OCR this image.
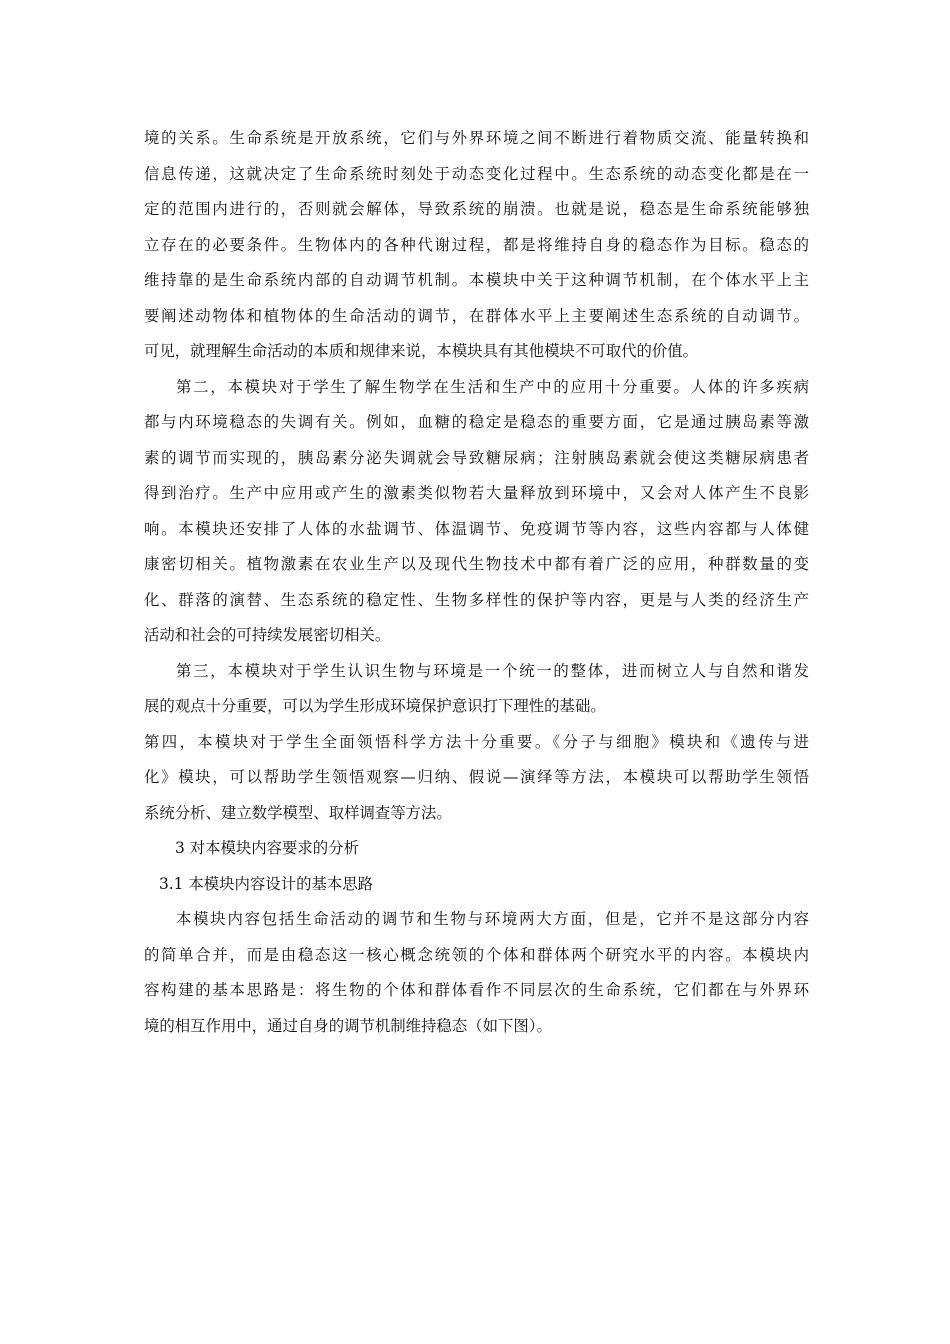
境的关系。生命系统是开放系统，它们与外界环境之间不断进行着物质交流、能量转换和
信息传递，这就决定了生命系统时刻处于动态变化过程中。生态系统的动态变化都是在一
定的范围内进行的，否则就会解体，导致系统的崩溃。也就是说，稳态是生命系统能够独
立存在的必要条件。生物体内的各种代谢过程，都是将维持自身的稳态作为目标。稳态的
维持靠的是生命系统内部的自动调节机制。本模块中关于这种调节机制，在个体水平上主
要阐述动物体和植物体的生命活动的调节，在群体水平上主要阐述生态系统的自动调节。
可见，就理解生命活动的本质和规律来说，本模块具有其他模块不可取代的价值。
第二，本模块对于学生了解生物学在生活和生产中的应用十分重要。人体的许多疾病
都与内环境稳态的失调有关。例如，血糖的稳定是稳态的重要方面，它是通过胰岛素等激
素的调节而实现的，胰岛素分泌失调就会导致糖尿病；注射胰岛素就会使这类糖尿病患者
得到治疗。生产中应用或产生的激素类似物若大量释放到环境中，又会对人体产生不良影
响。本模块还安排了人体的水盐调节、体温调节、免疫调节等内容，这些内容都与人体健
康密切相关。植物激素在农业生产以及现代生物技术中都有着广泛的应用，种群数量的变
化、群落的演替、生态系统的稳定性、生物多样性的保护等内容，更是与人类的经济生产
活动和社会的可持续发展密切相关。
第三，本模块对于学生认识生物与环境是一个统一的整体，进而树立人与自然和谐发
展的观点十分重要，可以为学生形成环境保护意识打下理性的基础。
第四，本模块对于学生全面领悟科学方法十分重要。《分子与细胞》模块和《遗传与进
化》模块，可以帮助学生领悟观察—归纳、假说—演绎等方法，本模块可以帮助学生领悟
系统分析、建立数学模型、取样调查等方法。
3 对本模块内容要求的分析
3.1 本模块内容设计的基本思路
本模块内容包括生命活动的调节和生物与环境两大方面，但是，它并不是这部分内容
的简单合并，而是由稳态这一核心概念统领的个体和群体两个研究水平的内容。本模块内
容构建的基本思路是：将生物的个体和群体看作不同层次的生命系统，它们都在与外界环
境的相互作用中，通过自身的调节机制维持稳态（如下图）。
